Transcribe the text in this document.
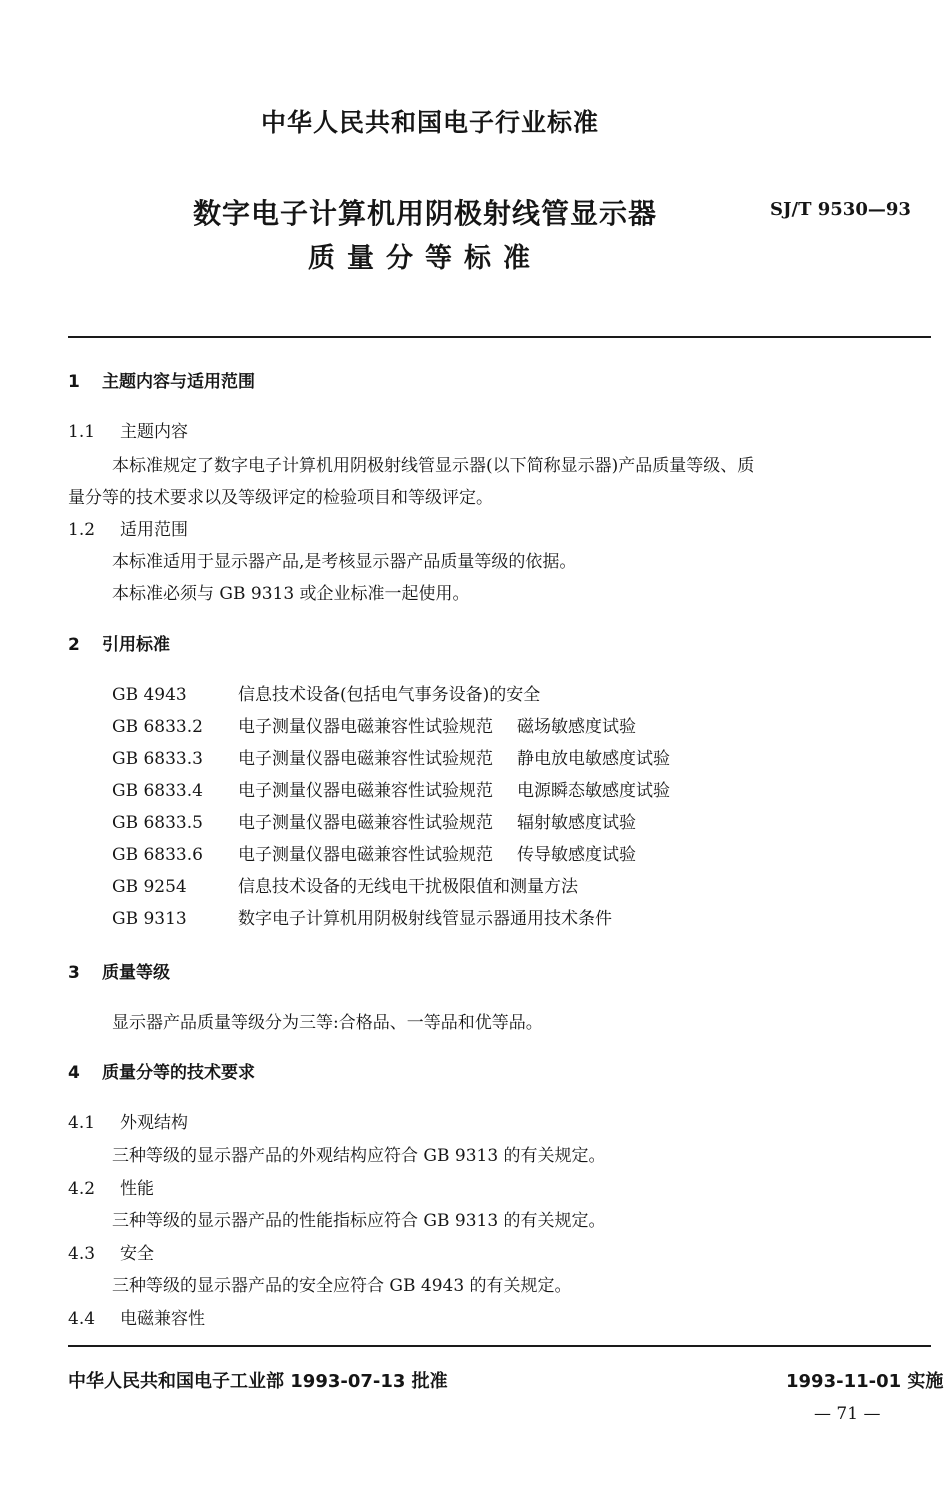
中华人民共和国电子行业标准
数字电子计算机用阴极射线管显示器
质量分等标准
SJ/T 9530—93
1 主题内容与适用范围
1.1 主题内容
本标准规定了数字电子计算机用阴极射线管显示器(以下简称显示器)产品质量等级、质
量分等的技术要求以及等级评定的检验项目和等级评定。
1.2 适用范围
本标准适用于显示器产品,是考核显示器产品质量等级的依据。
本标准必须与 GB 9313 或企业标准一起使用。
2 引用标准
GB 4943	信息技术设备(包括电气事务设备)的安全
GB 6833.2 电子测量仪器电磁兼容性试验规范 磁场敏感度试验
GB 6833.3 电子测量仪器电磁兼容性试验规范 静电放电敏感度试验
GB 6833.4 电子测量仪器电磁兼容性试验规范 电源瞬态敏感度试验
GB 6833.5 电子测量仪器电磁兼容性试验规范 辐射敏感度试验
GB 6833.6 电子测量仪器电磁兼容性试验规范 传导敏感度试验
GB 9254	信息技术设备的无线电干扰极限值和测量方法
GB 9313	数字电子计算机用阴极射线管显示器通用技术条件
3 质量等级
显示器产品质量等级分为三等:合格品、一等品和优等品。
4 质量分等的技术要求
4.1 外观结构
三种等级的显示器产品的外观结构应符合 GB 9313 的有关规定。
4.2 性能
三种等级的显示器产品的性能指标应符合 GB 9313 的有关规定。
4.3 安全
三种等级的显示器产品的安全应符合 GB 4943 的有关规定。
4.4 电磁兼容性
中华人民共和国电子工业部 1993-07-13 批准	1993-11-01 实施
— 71 —
